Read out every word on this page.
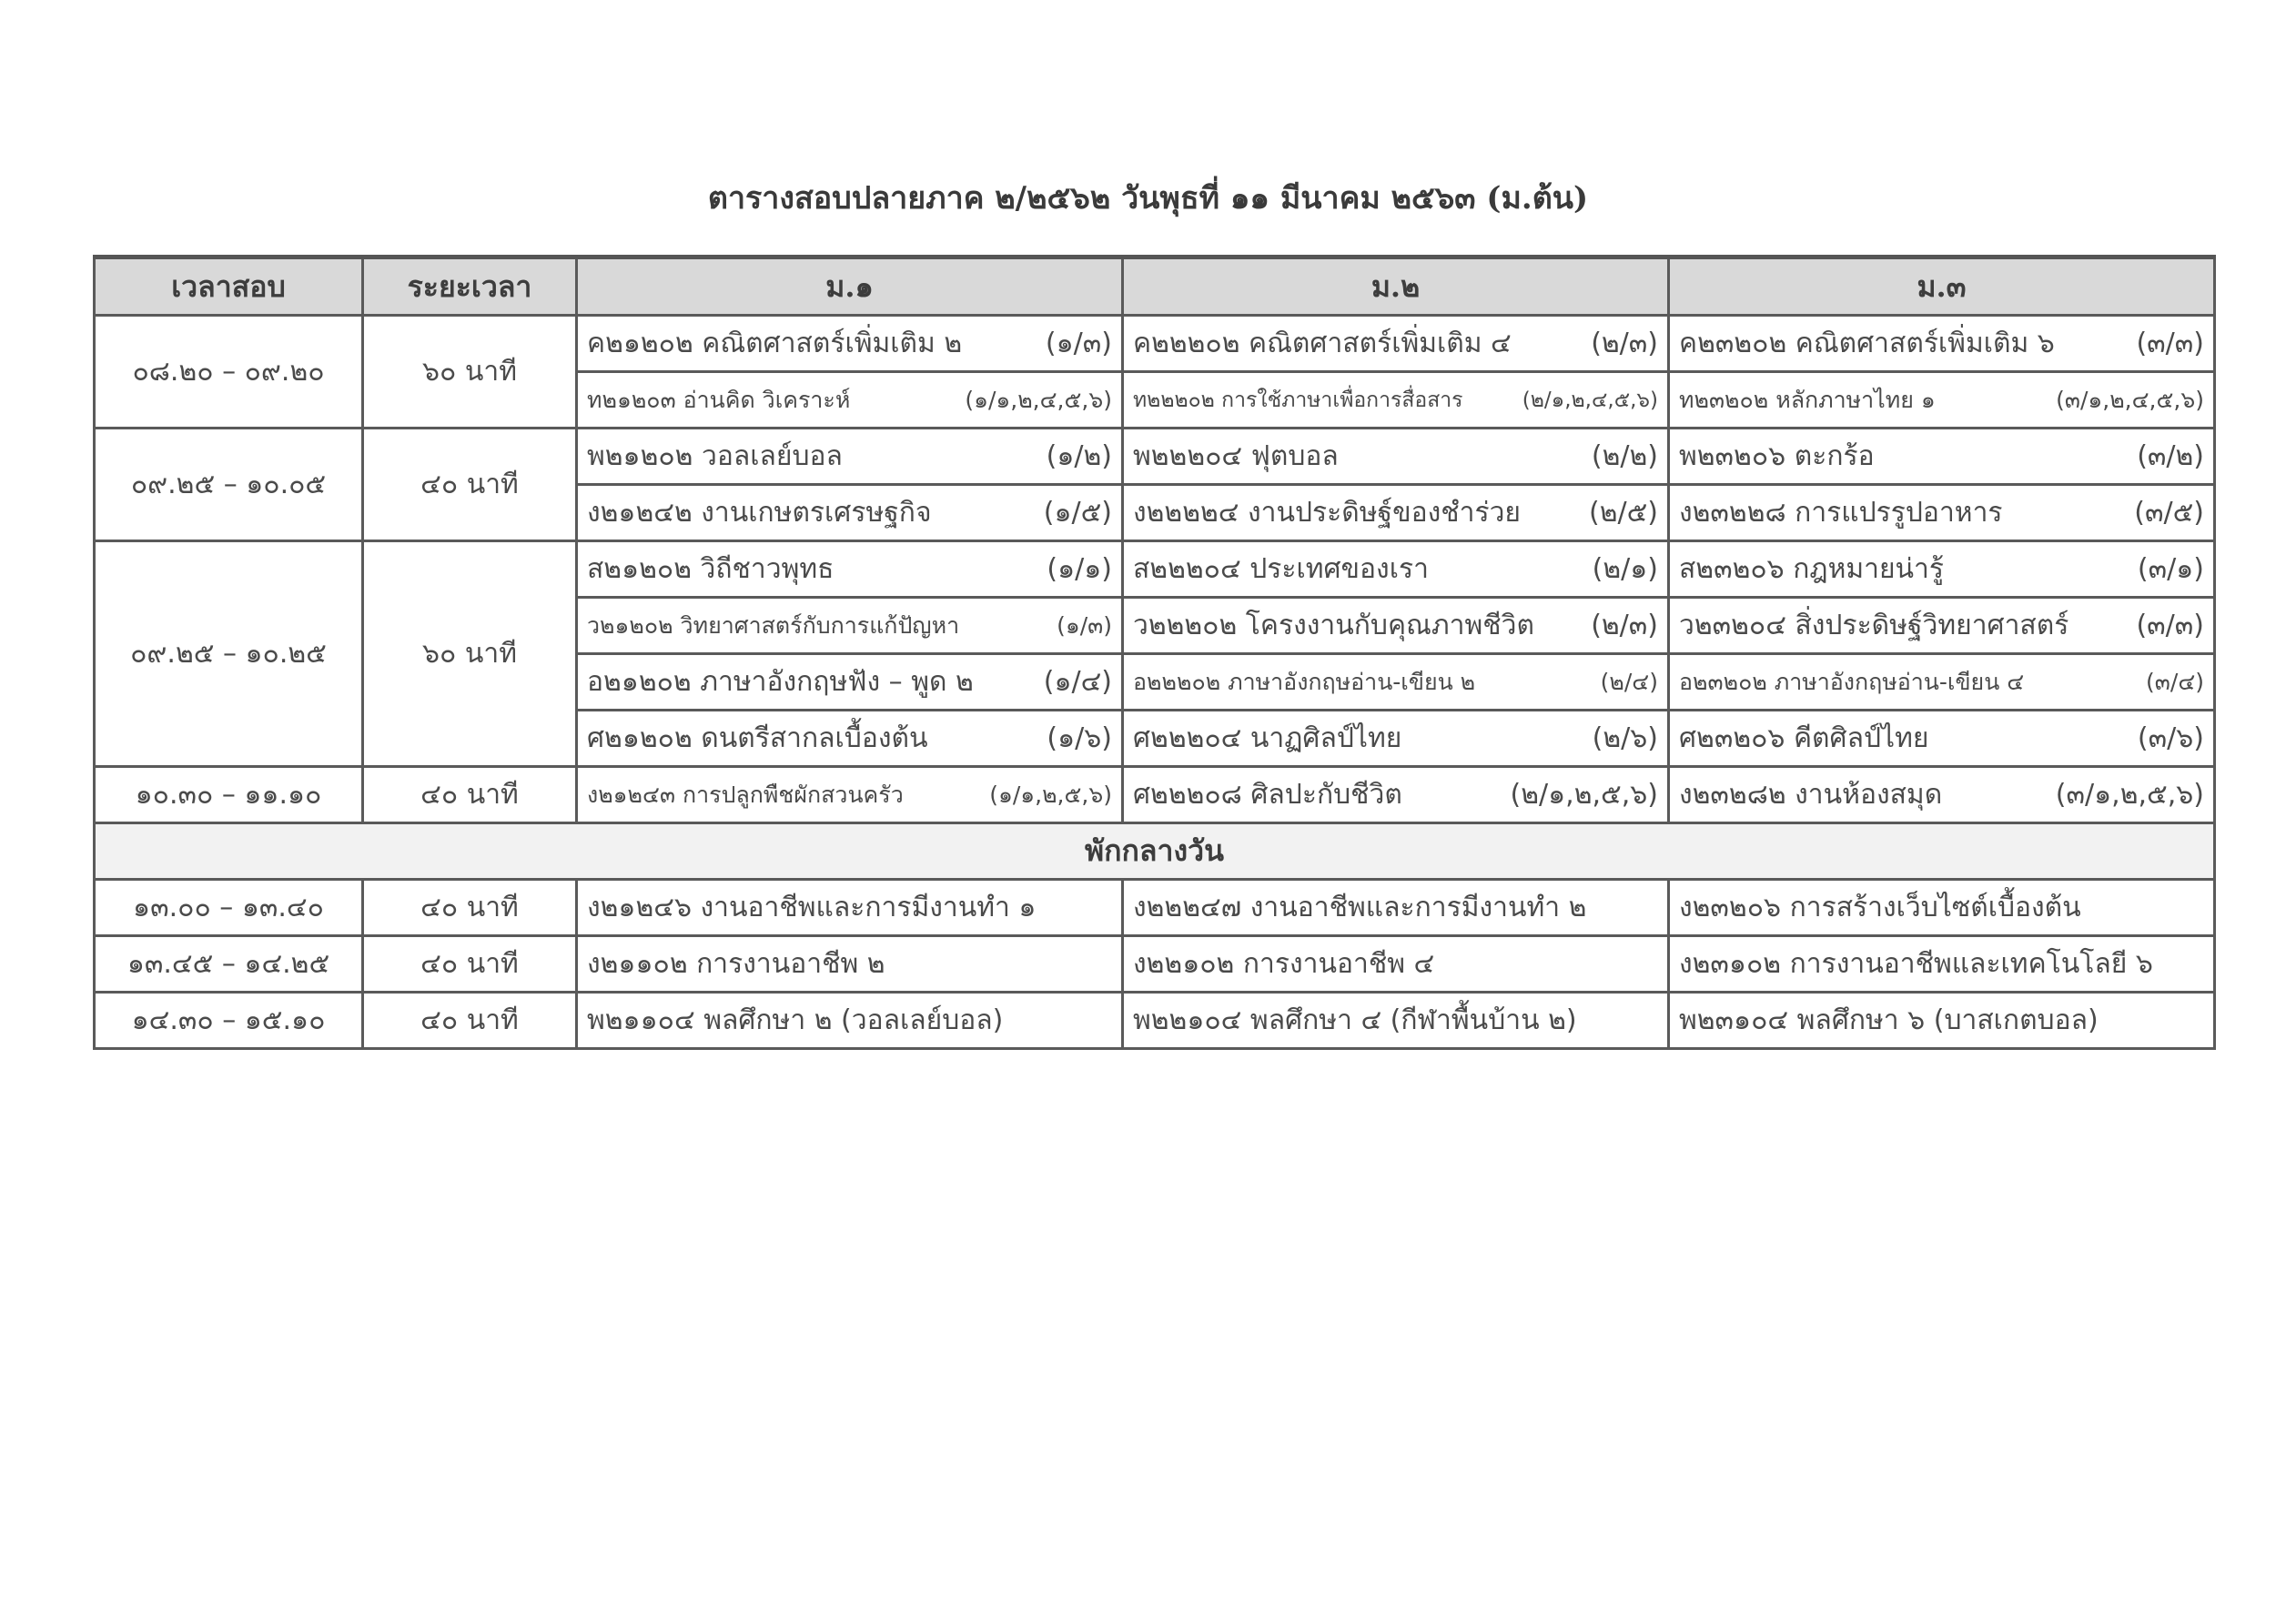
ตารางสอบปลายภาค ๒/๒๕๖๒ วันพุธที่ ๑๑ มีนาคม ๒๕๖๓ (ม.ต้น)
เวลาสอบ	ระยะเวลา	ม.๑	ม.๒	ม.๓
๐๘.๒๐ – ๐๙.๒๐	๖๐ นาที	ค๒๑๒๐๒ คณิตศาสตร์เพิ่มเติม ๒ (๑/๓)	ค๒๒๒๐๒ คณิตศาสตร์เพิ่มเติม ๔ (๒/๓)	ค๒๓๒๐๒ คณิตศาสตร์เพิ่มเติม ๖ (๓/๓)

		ท๒๑๒๐๓ อ่านคิด วิเคราะห์ (๑/๑,๒,๔,๕,๖)	ท๒๒๒๐๒ การใช้ภาษาเพื่อการสื่อสาร (๒/๑,๒,๔,๕,๖)	ท๒๓๒๐๒ หลักภาษาไทย ๑ (๓/๑,๒,๔,๕,๖)

๐๙.๒๕ – ๑๐.๐๕	๔๐ นาที	พ๒๑๒๐๒ วอลเลย์บอล (๑/๒)	พ๒๒๒๐๔ ฟุตบอล (๒/๒)	พ๒๓๒๐๖ ตะกร้อ (๓/๒)

		ง๒๑๒๔๒ งานเกษตรเศรษฐกิจ (๑/๕)	ง๒๒๒๒๔ งานประดิษฐ์ของชำร่วย (๒/๕)	ง๒๓๒๒๘ การแปรรูปอาหาร (๓/๕)

๐๙.๒๕ – ๑๐.๒๕	๖๐ นาที	ส๒๑๒๐๒ วิถีชาวพุทธ (๑/๑)	ส๒๒๒๐๔ ประเทศของเรา (๒/๑)	ส๒๓๒๐๖ กฎหมายน่ารู้ (๓/๑)

		ว๒๑๒๐๒ วิทยาศาสตร์กับการแก้ปัญหา (๑/๓)	ว๒๒๒๐๒ โครงงานกับคุณภาพชีวิต (๒/๓)	ว๒๓๒๐๔ สิ่งประดิษฐ์วิทยาศาสตร์ (๓/๓)

		อ๒๑๒๐๒ ภาษาอังกฤษฟัง – พูด ๒ (๑/๔)	อ๒๒๒๐๒ ภาษาอังกฤษอ่าน-เขียน ๒ (๒/๔)	อ๒๓๒๐๒ ภาษาอังกฤษอ่าน-เขียน ๔ (๓/๔)

		ศ๒๑๒๐๒ ดนตรีสากลเบื้องต้น (๑/๖)	ศ๒๒๒๐๔ นาฏศิลป์ไทย (๒/๖)	ศ๒๓๒๐๖ คีตศิลป์ไทย (๓/๖)

๑๐.๓๐ – ๑๑.๑๐	๔๐ นาที	ง๒๑๒๔๓ การปลูกพืชผักสวนครัว (๑/๑,๒,๕,๖)	ศ๒๒๒๐๘ ศิลปะกับชีวิต (๒/๑,๒,๕,๖)	ง๒๓๒๘๒ งานห้องสมุด (๓/๑,๒,๕,๖)

พักกลางวัน				
๑๓.๐๐ – ๑๓.๔๐	๔๐ นาที	ง๒๑๒๔๖ งานอาชีพและการมีงานทำ ๑	ง๒๒๒๔๗ งานอาชีพและการมีงานทำ ๒	ง๒๓๒๐๖ การสร้างเว็บไซต์เบื้องต้น
๑๓.๔๕ – ๑๔.๒๕	๔๐ นาที	ง๒๑๑๐๒ การงานอาชีพ ๒	ง๒๒๑๐๒ การงานอาชีพ ๔	ง๒๓๑๐๒ การงานอาชีพและเทคโนโลยี ๖
๑๔.๓๐ – ๑๕.๑๐	๔๐ นาที	พ๒๑๑๐๔ พลศึกษา ๒ (วอลเลย์บอล)	พ๒๒๑๐๔ พลศึกษา ๔ (กีฬาพื้นบ้าน ๒)	พ๒๓๑๐๔ พลศึกษา ๖ (บาสเกตบอล)
